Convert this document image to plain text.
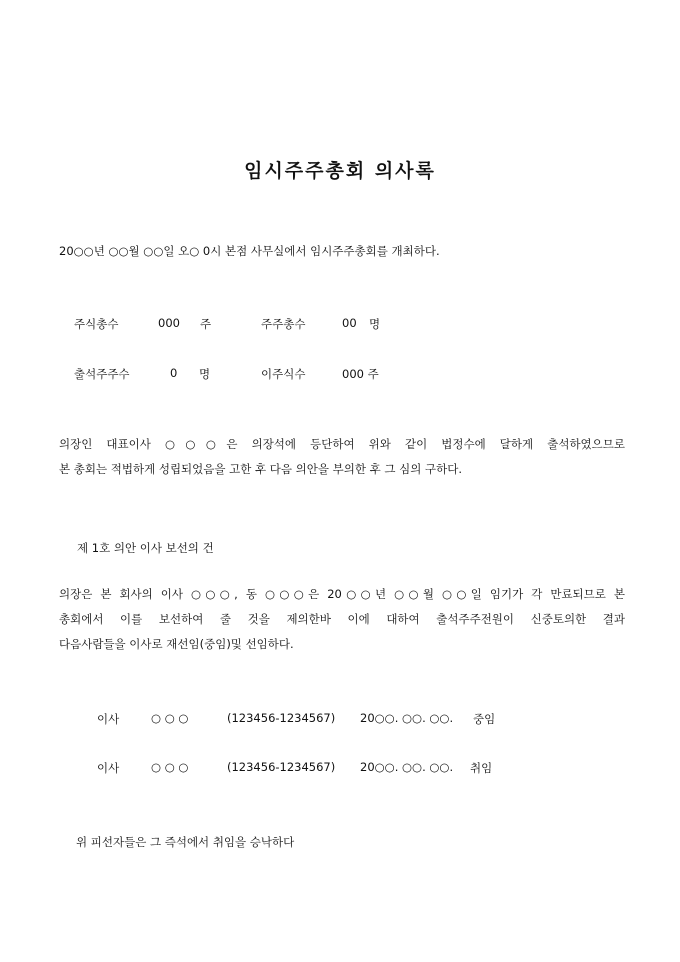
임시주주총회 의사록
20○○년 ○○월 ○○일 오○ 0시 본점 사무실에서 임시주주총회를 개최하다.
주식총수	000 주	주주총수	00 명
출석주주수	0 명	이주식수	000 주
의장인 대표이사 ○○○은 의장석에 등단하여 위와 같이 법정수에 달하게 출석하였으므로
본 총회는 적법하게 성립되었음을 고한 후 다음 의안을 부의한 후 그 심의 구하다.
제 1호 의안 이사 보선의 건
의장은 본 회사의 이사 ○○○, 동 ○○○은 20○○년 ○○월 ○○일 임기가 각 만료되므로 본
총회에서 이를 보선하여 줄 것을 제의한바 이에 대하여 출석주주전원이 신중토의한 결과
다음사람들을 이사로 재선임(중임)및 선임하다.
이사	○ ○ ○	(123456-1234567) 20○○. ○○. ○○. 중임
이사	○ ○ ○	(123456-1234567) 20○○. ○○. ○○. 취임
위 피선자들은 그 즉석에서 취임을 승낙하다
